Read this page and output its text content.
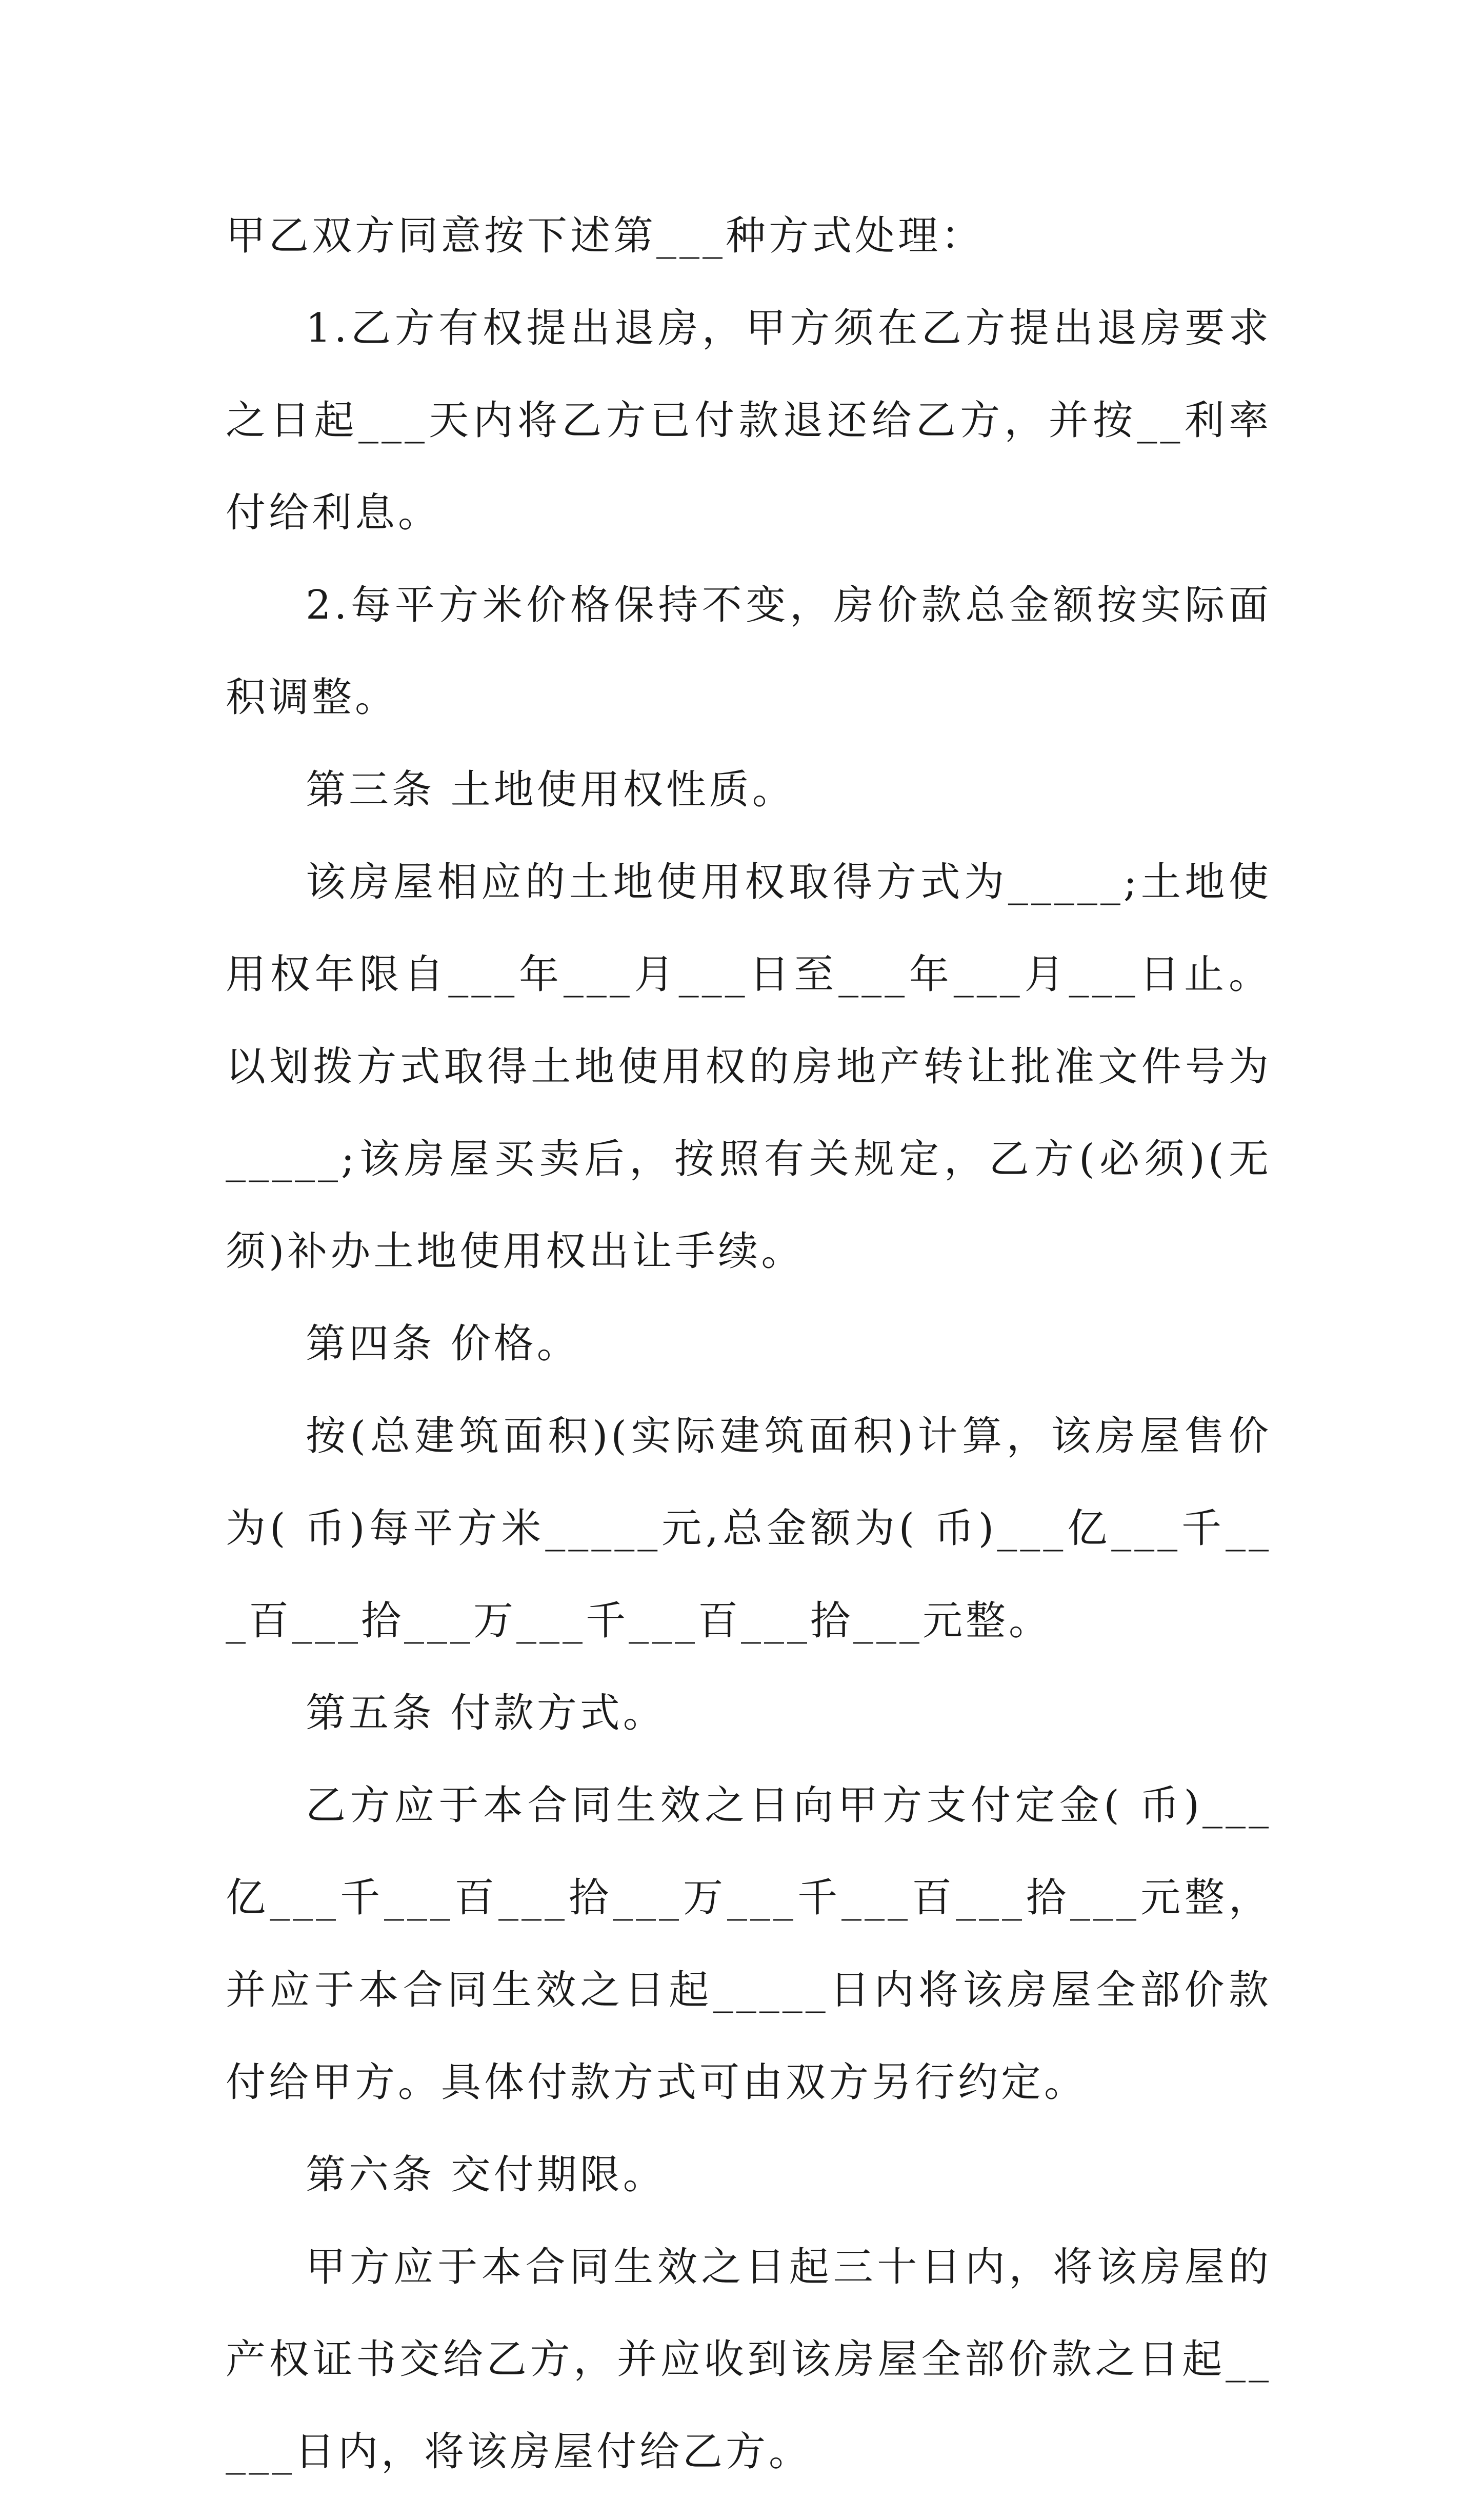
甲乙双方同意按下述第___种方式处理：

1.乙方有权提出退房，甲方须在乙方提出退房要求之日起___天内将乙方已付款退还给乙方，并按__利率付给利息。

2.每平方米价格保持不变，房价款总金额按实际面积调整。

第三条 土地使用权性质。

该房屋相应的土地使用权取得方式为_____;土地使用权年限自___年___月___日至___年___月___日止。以划拨方式取得土地使用权的房地产转让批准文件号为_____;该房屋买卖后，按照有关规定，乙方(必须)(无须)补办土地使用权出让手续。

第四条 价格。

按(总建筑面积)(实际建筑面积)计算，该房屋售价为( 币)每平方米_____元,总金额为( 币)___亿___千___百___拾___万___千___百___拾___元整。

第五条 付款方式。

乙方应于本合同生效之日向甲方支付定金( 币)___亿___千___百___拾___万___千___百___拾___元整，并应于本合同生效之日起_____日内将该房屋全部价款付给甲方。具体付款方式可由双方另行约定。

第六条 交付期限。

甲方应于本合同生效之日起三十日内，将该房屋的产权证书交给乙方，并应收到该房屋全部价款之日起_____日内，将该房屋付给乙方。
